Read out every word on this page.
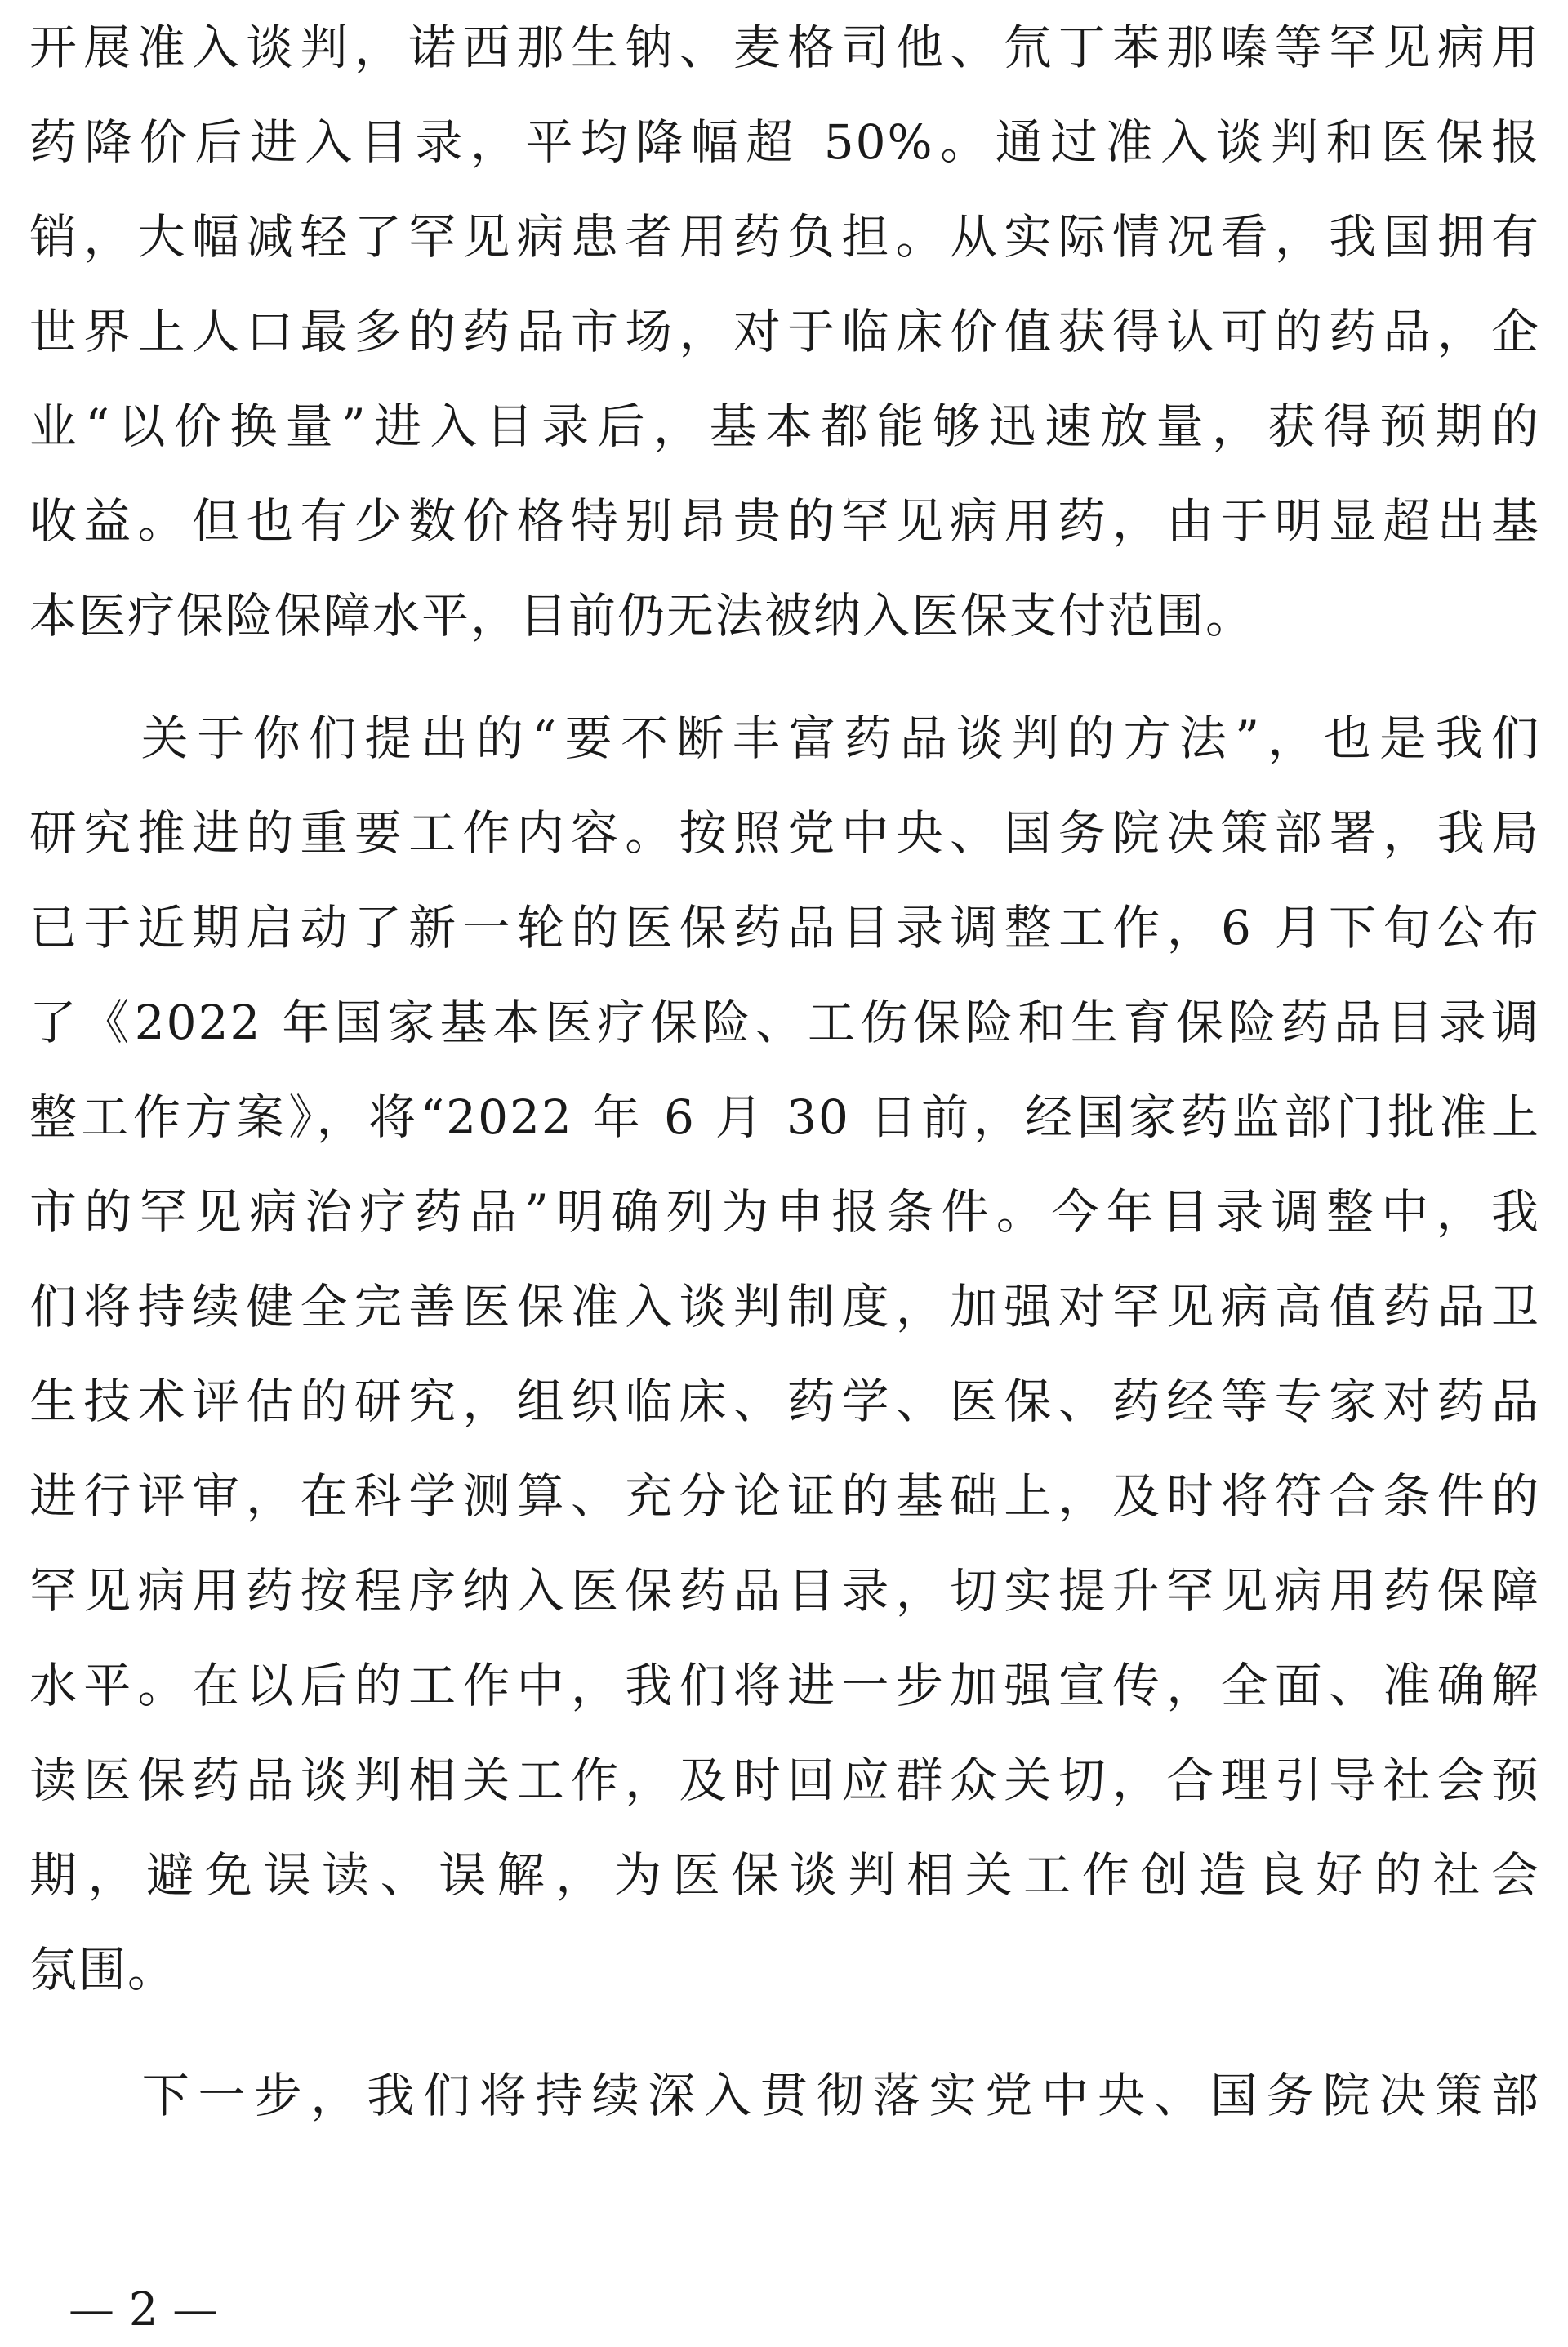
开展准入谈判，诺西那生钠、麦格司他、氘丁苯那嗪等罕见病用
药降价后进入目录，平均降幅超 50%。通过准入谈判和医保报
销，大幅减轻了罕见病患者用药负担。从实际情况看，我国拥有
世界上人口最多的药品市场，对于临床价值获得认可的药品，企
业“以价换量”进入目录后，基本都能够迅速放量，获得预期的
收益。但也有少数价格特别昂贵的罕见病用药，由于明显超出基
本医疗保险保障水平，目前仍无法被纳入医保支付范围。
　　关于你们提出的“要不断丰富药品谈判的方法”，也是我们
研究推进的重要工作内容。按照党中央、国务院决策部署，我局
已于近期启动了新一轮的医保药品目录调整工作，6 月下旬公布
了《2022 年国家基本医疗保险、工伤保险和生育保险药品目录调
整工作方案》，将“2022 年 6 月 30 日前，经国家药监部门批准上
市的罕见病治疗药品”明确列为申报条件。今年目录调整中，我
们将持续健全完善医保准入谈判制度，加强对罕见病高值药品卫
生技术评估的研究，组织临床、药学、医保、药经等专家对药品
进行评审，在科学测算、充分论证的基础上，及时将符合条件的
罕见病用药按程序纳入医保药品目录，切实提升罕见病用药保障
水平。在以后的工作中，我们将进一步加强宣传，全面、准确解
读医保药品谈判相关工作，及时回应群众关切，合理引导社会预
期，避免误读、误解，为医保谈判相关工作创造良好的社会
氛围。
　　下一步，我们将持续深入贯彻落实党中央、国务院决策部
— 2 —
